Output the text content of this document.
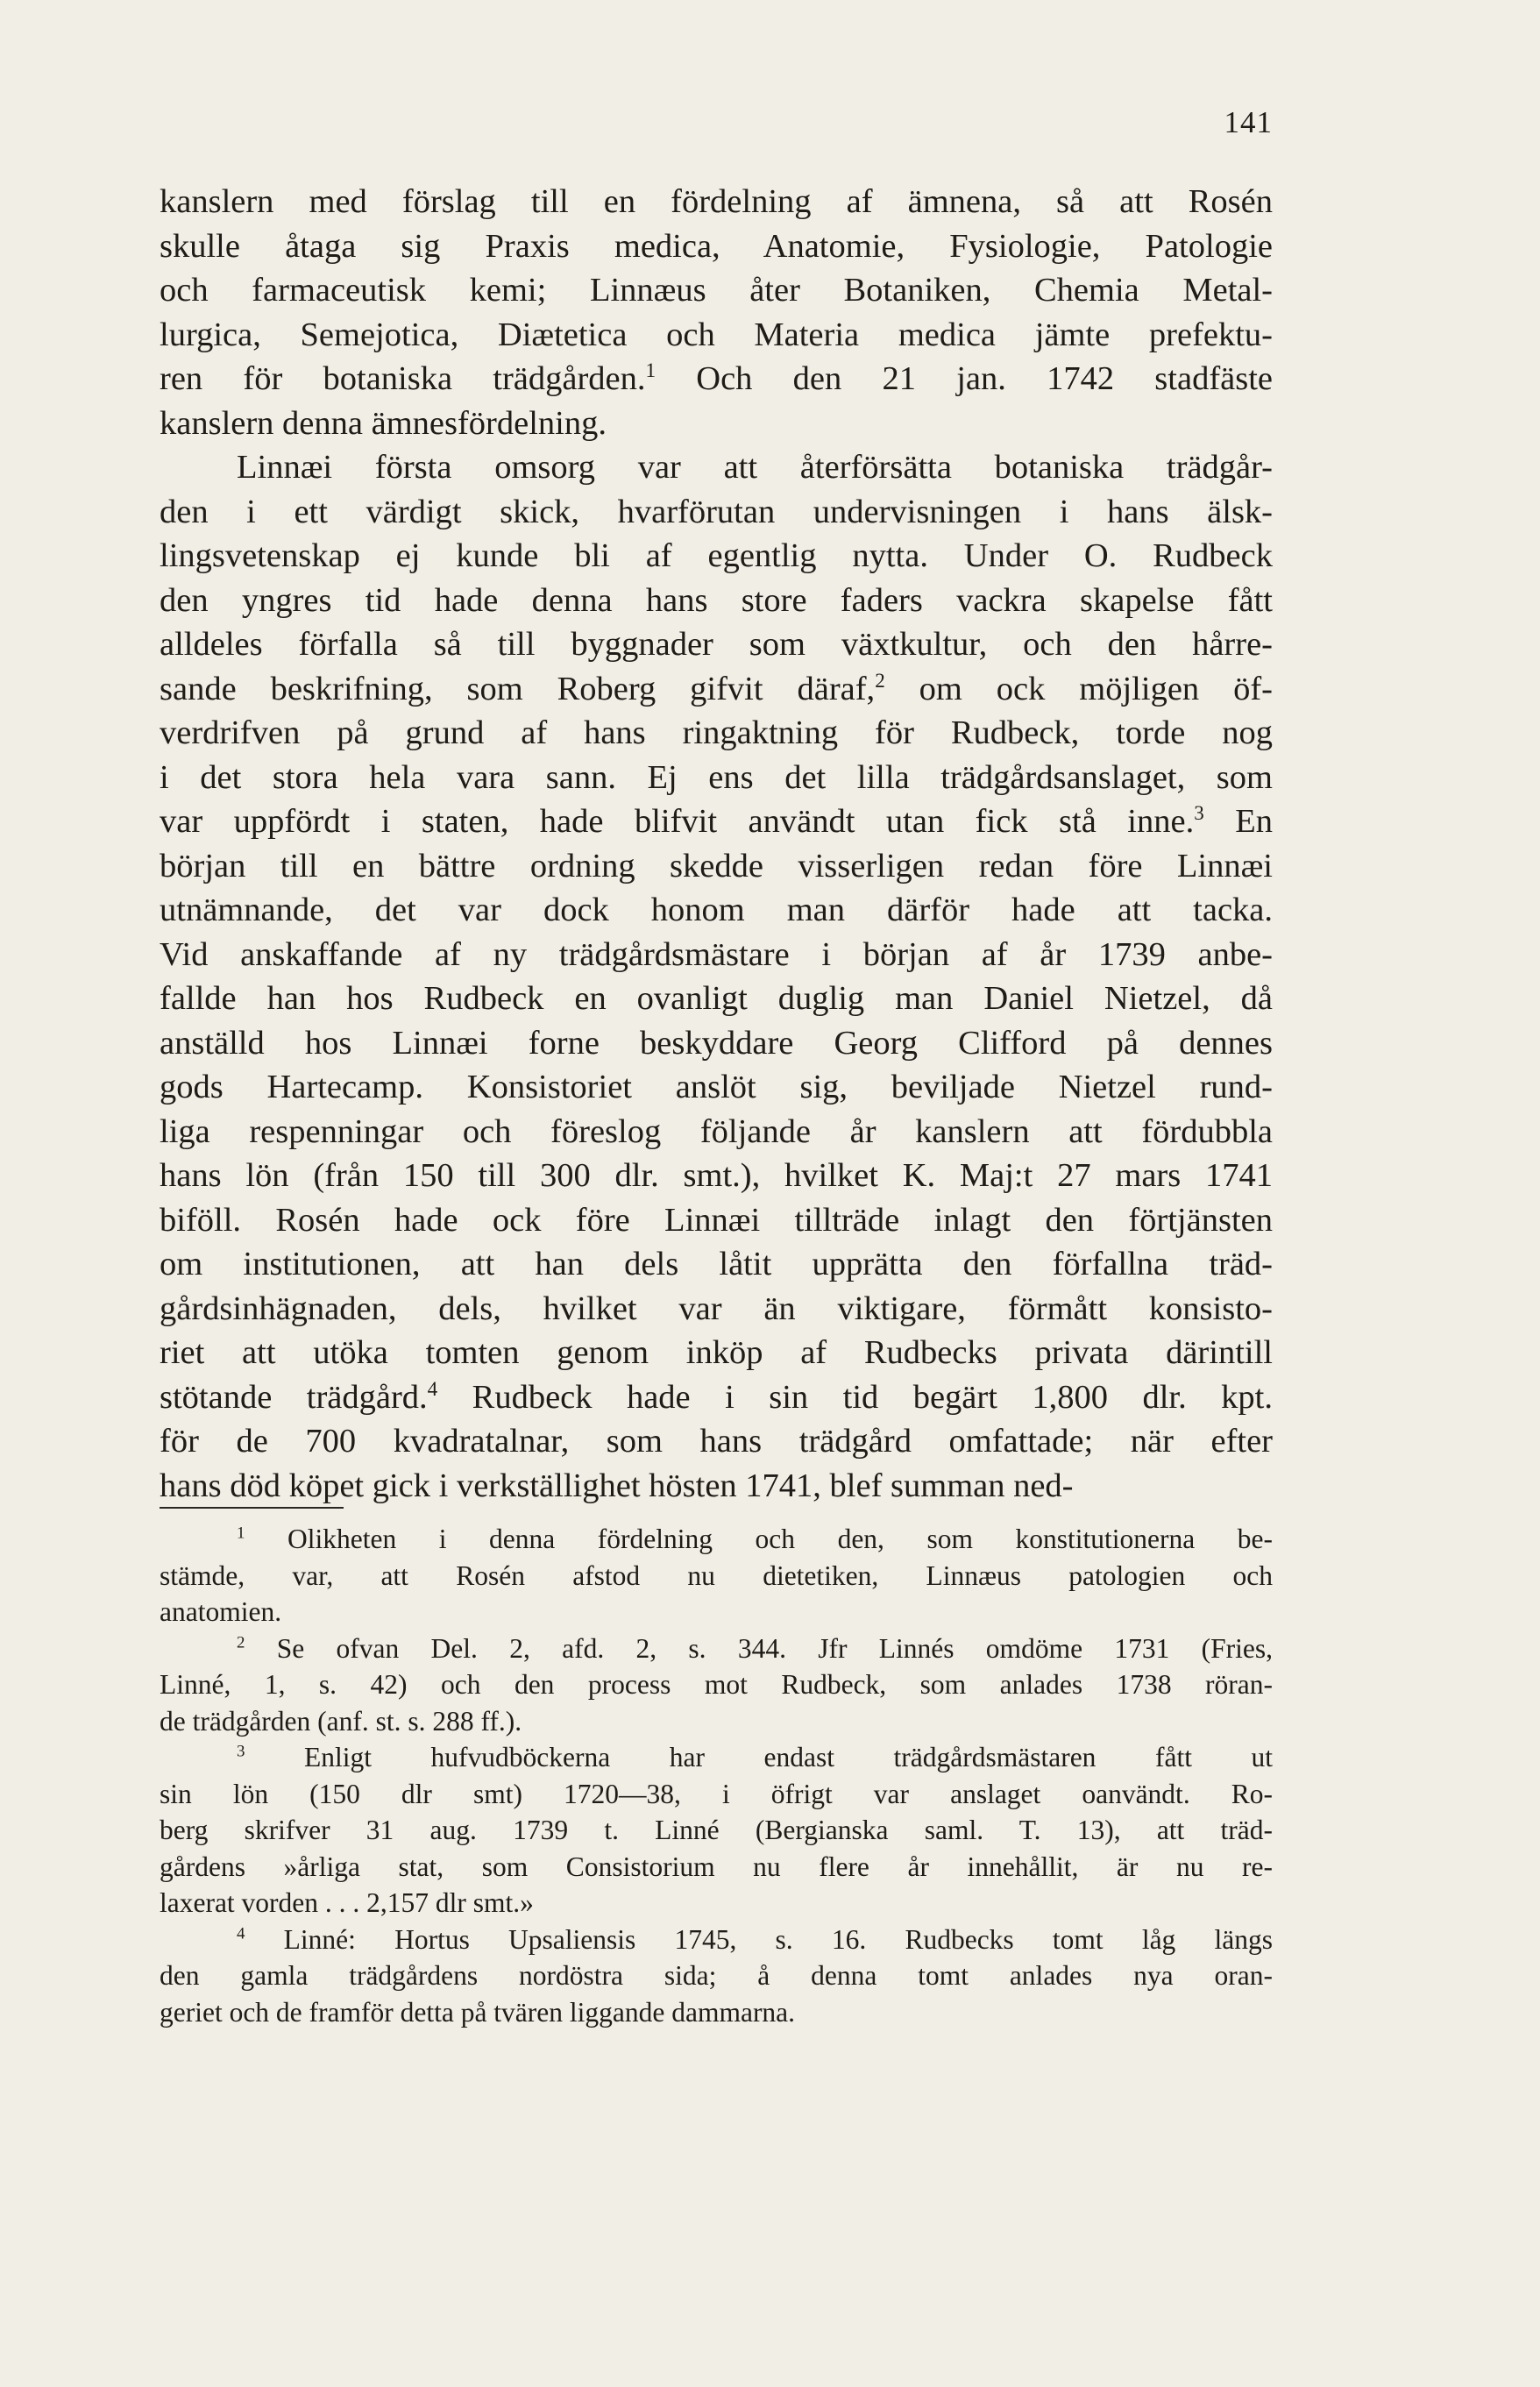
141

kanslern med förslag till en fördelning af ämnena, så att Rosén
skulle åtaga sig Praxis medica, Anatomie, Fysiologie, Patologie
och farmaceutisk kemi; Linnæus åter Botaniken, Chemia Metal-
lurgica, Semejotica, Diætetica och Materia medica jämte prefektu-
ren för botaniska trädgården.$^1$ Och den 21 jan. 1742 stadfäste
kanslern denna ämnesfördelning.

Linnæi första omsorg var att återförsätta botaniska trädgår-
den i ett värdigt skick, hvarförutan undervisningen i hans älsk-
lingsvetenskap ej kunde bli af egentlig nytta. Under O. Rudbeck
den yngres tid hade denna hans store faders vackra skapelse fått
alldeles förfalla så till byggnader som växtkultur, och den hårre-
sande beskrifning, som Roberg gifvit däraf,$^2$ om ock möjligen öf-
verdrifven på grund af hans ringaktning för Rudbeck, torde nog
i det stora hela vara sann. Ej ens det lilla trädgårdsanslaget, som
var uppfördt i staten, hade blifvit användt utan fick stå inne.$^3$ En
början till en bättre ordning skedde visserligen redan före Linnæi
utnämnande, det var dock honom man därför hade att tacka.
Vid anskaffande af ny trädgårdsmästare i början af år 1739 anbe-
fallde han hos Rudbeck en ovanligt duglig man Daniel Nietzel, då
anställd hos Linnæi forne beskyddare Georg Clifford på dennes
gods Hartecamp. Konsistoriet anslöt sig, beviljade Nietzel rund-
liga respenningar och föreslog följande år kanslern att fördubbla
hans lön (från 150 till 300 dlr. smt.), hvilket K. Maj:t 27 mars 1741
biföll. Rosén hade ock före Linnæi tillträde inlagt den förtjänsten
om institutionen, att han dels låtit upprätta den förfallna träd-
gårdsinhägnaden, dels, hvilket var än viktigare, förmått konsisto-
riet att utöka tomten genom inköp af Rudbecks privata därintill
stötande trädgård.$^4$ Rudbeck hade i sin tid begärt 1,800 dlr. kpt.
för de 700 kvadratalnar, som hans trädgård omfattade; när efter
hans död köpet gick i verkställighet hösten 1741, blef summan ned-

$^1$ Olikheten i denna fördelning och den, som konstitutionerna be-
stämde, var, att Rosén afstod nu dietetiken, Linnæus patologien och
anatomien.

$^2$ Se ofvan Del. 2, afd. 2, s. 344. Jfr Linnés omdöme 1731 (Fries,
Linné, 1, s. 42) och den process mot Rudbeck, som anlades 1738 röran-
de trädgården (anf. st. s. 288 ff.).

$^3$ Enligt hufvudböckerna har endast trädgårdsmästaren fått ut
sin lön (150 dlr smt) 1720—38, i öfrigt var anslaget oanvändt. Ro-
berg skrifver 31 aug. 1739 t. Linné (Bergianska saml. T. 13), att träd-
gårdens »årliga stat, som Consistorium nu flere år innehållit, är nu re-
laxerat vorden . . . 2,157 dlr smt.»

$^4$ Linné: Hortus Upsaliensis 1745, s. 16. Rudbecks tomt låg längs
den gamla trädgårdens nordöstra sida; å denna tomt anlades nya oran-
geriet och de framför detta på tvären liggande dammarna.
